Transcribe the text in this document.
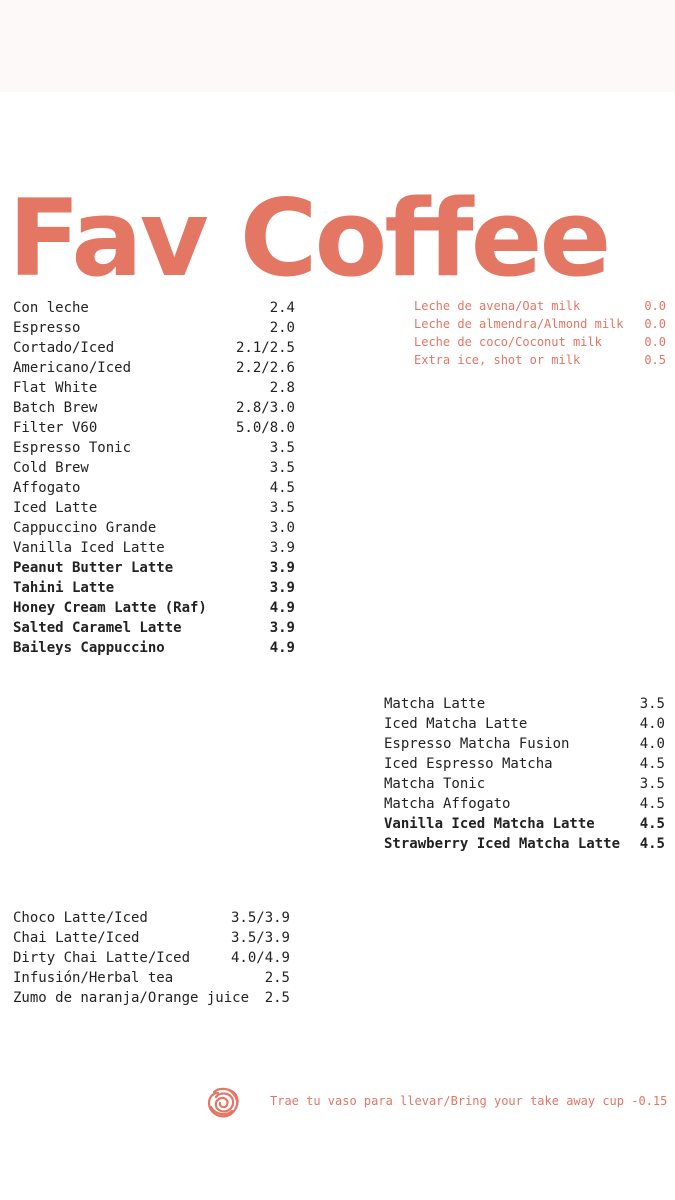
Fav Coffee
Con leche	2.4
Espresso	2.0
Cortado/Iced	2.1/2.5
Americano/Iced	2.2/2.6
Flat White	2.8
Batch Brew	2.8/3.0
Filter V60	5.0/8.0
Espresso Tonic	3.5
Cold Brew	3.5
Affogato	4.5
Iced Latte	3.5
Cappuccino Grande	3.0
Vanilla Iced Latte	3.9
Peanut Butter Latte	3.9
Tahini Latte	3.9
Honey Cream Latte (Raf)	4.9
Salted Caramel Latte	3.9
Baileys Cappuccino	4.9
Leche de avena/Oat milk	0.0
Leche de almendra/Almond milk 0.0
Leche de coco/Coconut milk	0.0
Extra ice, shot or milk	0.5
Matcha Latte	3.5
Iced Matcha Latte	4.0
Espresso Matcha Fusion	4.0
Iced Espresso Matcha	4.5
Matcha Tonic	3.5
Matcha Affogato	4.5
Vanilla Iced Matcha Latte	4.5
Strawberry Iced Matcha Latte 4.5
Choco Latte/Iced	3.5/3.9
Chai Latte/Iced	3.5/3.9
Dirty Chai Latte/Iced	4.0/4.9
Infusión/Herbal tea	2.5
Zumo de naranja/Orange juice 2.5
Trae tu vaso para llevar/Bring your take away cup -0.15
